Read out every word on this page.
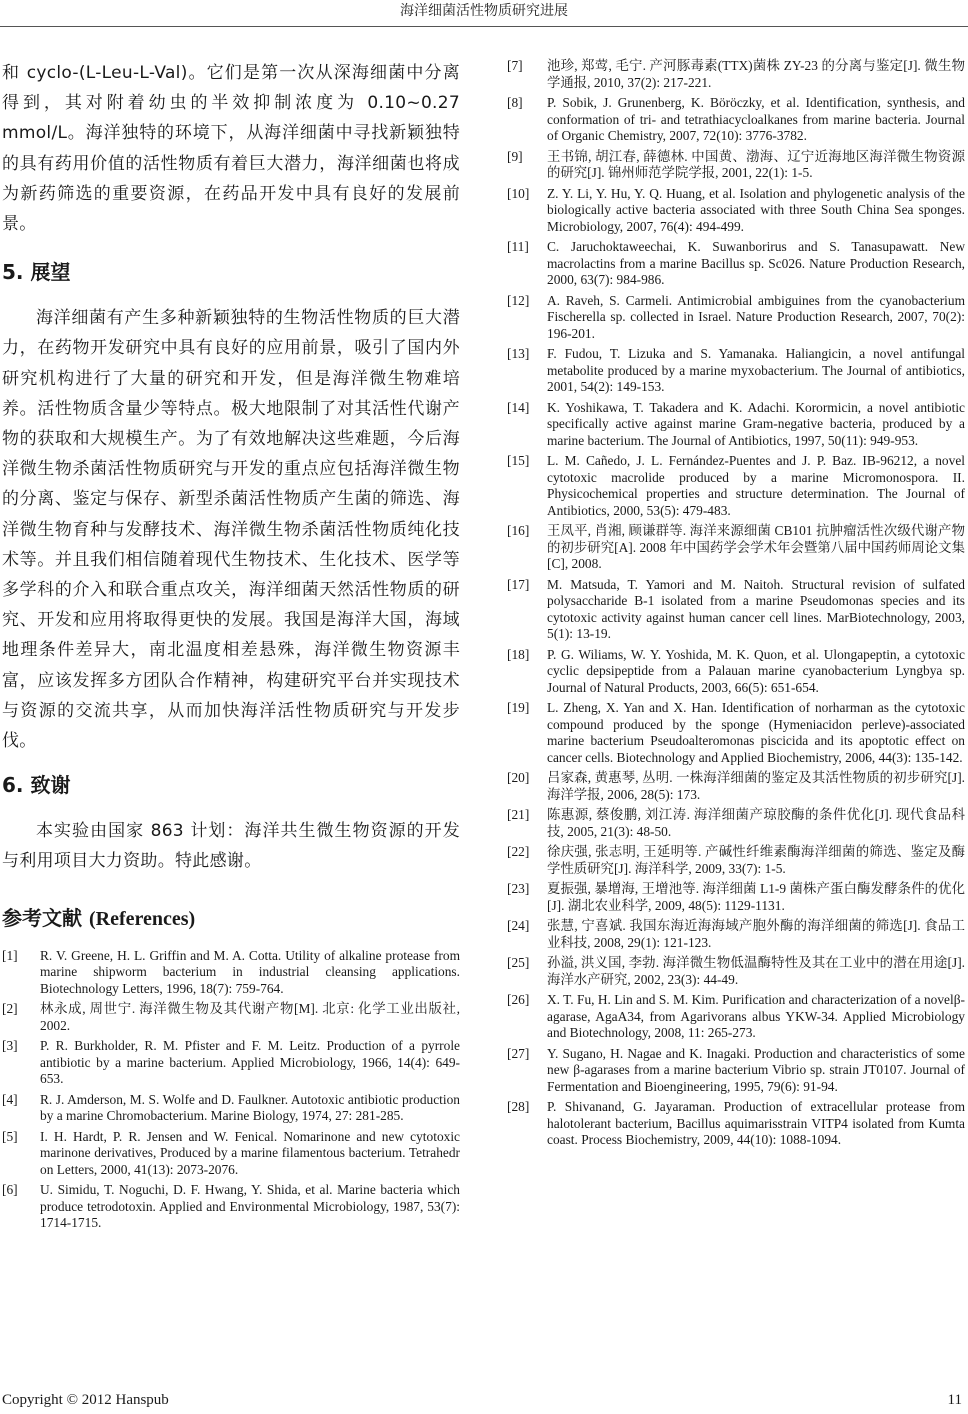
海洋细菌活性物质研究进展

和 cyclo-(L-Leu-L-Val)。它们是第一次从深海细菌中分离得到，其对附着幼虫的半效抑制浓度为 0.10~0.27 mmol/L。海洋独特的环境下，从海洋细菌中寻找新颖独特的具有药用价值的活性物质有着巨大潜力，海洋细菌也将成为新药筛选的重要资源，在药品开发中具有良好的发展前景。

5. 展望

海洋细菌有产生多种新颖独特的生物活性物质的巨大潜力，在药物开发研究中具有良好的应用前景，吸引了国内外研究机构进行了大量的研究和开发，但是海洋微生物难培养。活性物质含量少等特点。极大地限制了对其活性代谢产物的获取和大规模生产。为了有效地解决这些难题，今后海洋微生物杀菌活性物质研究与开发的重点应包括海洋微生物的分离、鉴定与保存、新型杀菌活性物质产生菌的筛选、海洋微生物育种与发酵技术、海洋微生物杀菌活性物质纯化技术等。并且我们相信随着现代生物技术、生化技术、医学等多学科的介入和联合重点攻关，海洋细菌天然活性物质的研究、开发和应用将取得更快的发展。我国是海洋大国，海域地理条件差异大，南北温度相差悬殊，海洋微生物资源丰富，应该发挥多方团队合作精神，构建研究平台并实现技术与资源的交流共享，从而加快海洋活性物质研究与开发步伐。

6. 致谢

本实验由国家 863 计划：海洋共生微生物资源的开发与利用项目大力资助。特此感谢。

参考文献 (References)
[1]	R. V. Greene, H. L. Griffin and M. A. Cotta. Utility of alkaline protease from marine shipworm bacterium in industrial cleansing applications. Biotechnology Letters, 1996, 18(7): 759-764.
[2]	林永成, 周世宁. 海洋微生物及其代谢产物[M]. 北京: 化学工业出版社, 2002.
[3]	P. R. Burkholder, R. M. Pfister and F. M. Leitz. Production of a pyrrole antibiotic by a marine bacterium. Applied Microbiology, 1966, 14(4): 649-653.
[4]	R. J. Amderson, M. S. Wolfe and D. Faulkner. Autotoxic antibiotic production by a marine Chromobacterium. Marine Biology, 1974, 27: 281-285.
[5]	I. H. Hardt, P. R. Jensen and W. Fenical. Nomarinone and new cytotoxic marinone derivatives, Produced by a marine filamentous bacterium. Tetrahedr on Letters, 2000, 41(13): 2073-2076.
[6]	U. Simidu, T. Noguchi, D. F. Hwang, Y. Shida, et al. Marine bacteria which produce tetrodotoxin. Applied and Environmental Microbiology, 1987, 53(7): 1714-1715.
[7]	池珍, 郑莺, 毛宁. 产河豚毒素(TTX)菌株 ZY-23 的分离与鉴定[J]. 微生物学通报, 2010, 37(2): 217-221.
[8]	P. Sobik, J. Grunenberg, K. Böröczky, et al. Identification, synthesis, and conformation of tri- and tetrathiacycloalkanes from marine bacteria. Journal of Organic Chemistry, 2007, 72(10): 3776-3782.
[9]	王书锦, 胡江春, 薛德林. 中国黄、渤海、辽宁近海地区海洋微生物资源的研究[J]. 锦州师范学院学报, 2001, 22(1): 1-5.
[10]	Z. Y. Li, Y. Hu, Y. Q. Huang, et al. Isolation and phylogenetic analysis of the biologically active bacteria associated with three South China Sea sponges. Microbiology, 2007, 76(4): 494-499.
[11]	C. Jaruchoktaweechai, K. Suwanborirus and S. Tanasupawatt. New macrolactins from a marine Bacillus sp. Sc026. Nature Production Research, 2000, 63(7): 984-986.
[12]	A. Raveh, S. Carmeli. Antimicrobial ambiguines from the cyanobacterium Fischerella sp. collected in Israel. Nature Production Research, 2007, 70(2): 196-201.
[13]	F. Fudou, T. Lizuka and S. Yamanaka. Haliangicin, a novel antifungal metabolite produced by a marine myxobacterium. The Journal of antibiotics, 2001, 54(2): 149-153.
[14]	K. Yoshikawa, T. Takadera and K. Adachi. Korormicin, a novel antibiotic specifically active against marine Gram-negative bacteria, produced by a marine bacterium. The Journal of Antibiotics, 1997, 50(11): 949-953.
[15]	L. M. Cañedo, J. L. Fernández-Puentes and J. P. Baz. IB-96212, a novel cytotoxic macrolide produced by a marine Micromonospora. II. Physicochemical properties and structure determination. The Journal of Antibiotics, 2000, 53(5): 479-483.
[16]	王凤平, 肖湘, 顾谦群等. 海洋来源细菌 CB101 抗肿瘤活性次级代谢产物的初步研究[A]. 2008 年中国药学会学术年会暨第八届中国药师周论文集[C], 2008.
[17]	M. Matsuda, T. Yamori and M. Naitoh. Structural revision of sulfated polysaccharide B-1 isolated from a marine Pseudomonas species and its cytotoxic activity against human cancer cell lines. MarBiotechnology, 2003, 5(1): 13-19.
[18]	P. G. Wiliams, W. Y. Yoshida, M. K. Quon, et al. Ulongapeptin, a cytotoxic cyclic depsipeptide from a Palauan marine cyanobacterium Lyngbya sp. Journal of Natural Products, 2003, 66(5): 651-654.
[19]	L. Zheng, X. Yan and X. Han. Identification of norharman as the cytotoxic compound produced by the sponge (Hymeniacidon perleve)-associated marine bacterium Pseudoalteromonas piscicida and its apoptotic effect on cancer cells. Biotechnology and Applied Biochemistry, 2006, 44(3): 135-142.
[20]	吕家森, 黄惠琴, 丛明. 一株海洋细菌的鉴定及其活性物质的初步研究[J]. 海洋学报, 2006, 28(5): 173.
[21]	陈惠源, 蔡俊鹏, 刘江涛. 海洋细菌产琼胶酶的条件优化[J]. 现代食品科技, 2005, 21(3): 48-50.
[22]	徐庆强, 张志明, 王延明等. 产碱性纤维素酶海洋细菌的筛选、鉴定及酶学性质研究[J]. 海洋科学, 2009, 33(7): 1-5.
[23]	夏振强, 暴增海, 王增池等. 海洋细菌 L1-9 菌株产蛋白酶发酵条件的优化[J]. 湖北农业科学, 2009, 48(5): 1129-1131.
[24]	张慧, 宁喜斌. 我国东海近海海域产胞外酶的海洋细菌的筛选[J]. 食品工业科技, 2008, 29(1): 121-123.
[25]	孙溢, 洪义国, 李勃. 海洋微生物低温酶特性及其在工业中的潜在用途[J]. 海洋水产研究, 2002, 23(3): 44-49.
[26]	X. T. Fu, H. Lin and S. M. Kim. Purification and characterization of a novelβ-agarase, AgaA34, from Agarivorans albus YKW-34. Applied Microbiology and Biotechnology, 2008, 11: 265-273.
[27]	Y. Sugano, H. Nagae and K. Inagaki. Production and characteristics of some new β-agarases from a marine bacterium Vibrio sp. strain JT0107. Journal of Fermentation and Bioengineering, 1995, 79(6): 91-94.
[28]	P. Shivanand, G. Jayaraman. Production of extracellular protease from halotolerant bacterium, Bacillus aquimarisstrain VITP4 isolated from Kumta coast. Process Biochemistry, 2009, 44(10): 1088-1094.
Copyright © 2012 Hanspub	11
